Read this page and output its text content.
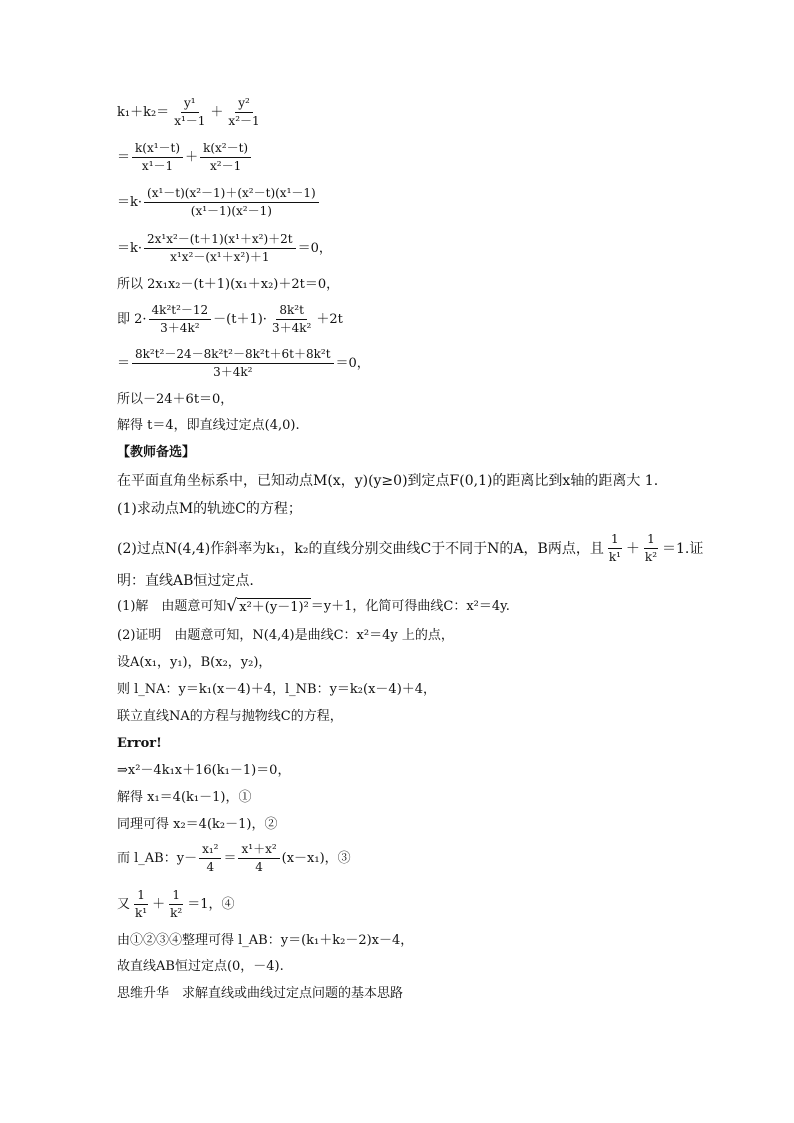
$k_1+k_2= \frac{\text{y¹}}{\text{x¹－1}} + \frac{\text{y²}}{\text{x²－1}}$
＝ $\frac{\text{k(x¹－t)}}{\text{x¹－1}} + \frac{\text{k(x²－t)}}{\text{x²－1}}$
$=k\cdot \frac{\text{(x¹－t)(x²－1)＋(x²－t)(x¹－1)}}{\text{(x¹－1)(x²－1)}}$
$=k\cdot \frac{\text{2x¹x²－(t＋1)(x¹＋x²)＋2t}}{\text{x¹x²－(x¹＋x²)＋1}} =0$，
所以 2x₁x₂－(t＋1)(x₁＋x₂)＋2t＝0，
即 $2\cdot \frac{\text{4k²t²－12}}{\text{3＋4k²}} -(t+1)\cdot \frac{\text{8k²t}}{\text{3＋4k²}} +2t$
＝ $\frac{\text{8k²t²－24－8k²t²－8k²t＋6t＋8k²t}}{\text{3＋4k²}} =0$，
所以－24＋6t＝0，
解得 t＝4，即直线过定点(4,0).
【教师备选】
在平面直角坐标系中，已知动点M(x，y)(y≥0)到定点F(0,1)的距离比到x轴的距离大 1.
(1)求动点M的轨迹C的方程；
(2)过点N(4,4)作斜率为k₁，k₂的直线分别交曲线C于不同于N的A，B两点，且 $\frac{1}{\text{k¹}} + \frac{1}{\text{k²}} =1$.证
明：直线AB恒过定点.
(1)解　由题意可知 √ x²＋(y－1)² ＝y＋1，化简可得曲线C：x²＝4y.
(2)证明　由题意可知，N(4,4)是曲线C：x²＝4y 上的点，
设A(x₁，y₁)，B(x₂，y₂)，
则 l_NA：y＝k₁(x－4)＋4，l_NB：y＝k₂(x－4)＋4，
联立直线NA的方程与抛物线C的方程，
Error!
⇒x²－4k₁x＋16(k₁－1)＝0，
解得 x₁＝4(k₁－1)，①
同理可得 x₂＝4(k₂－1)，②
而 l_AB：$y- \frac{\text{x₁²}}{4} = \frac{\text{x¹＋x²}}{4} (x-x_1)$，③
又 $\frac{1}{\text{k¹}} + \frac{1}{\text{k²}} =1$，④
由①②③④整理可得 l_AB：y＝(k₁＋k₂－2)x－4，
故直线AB恒过定点(0，－4).
思维升华　求解直线或曲线过定点问题的基本思路
